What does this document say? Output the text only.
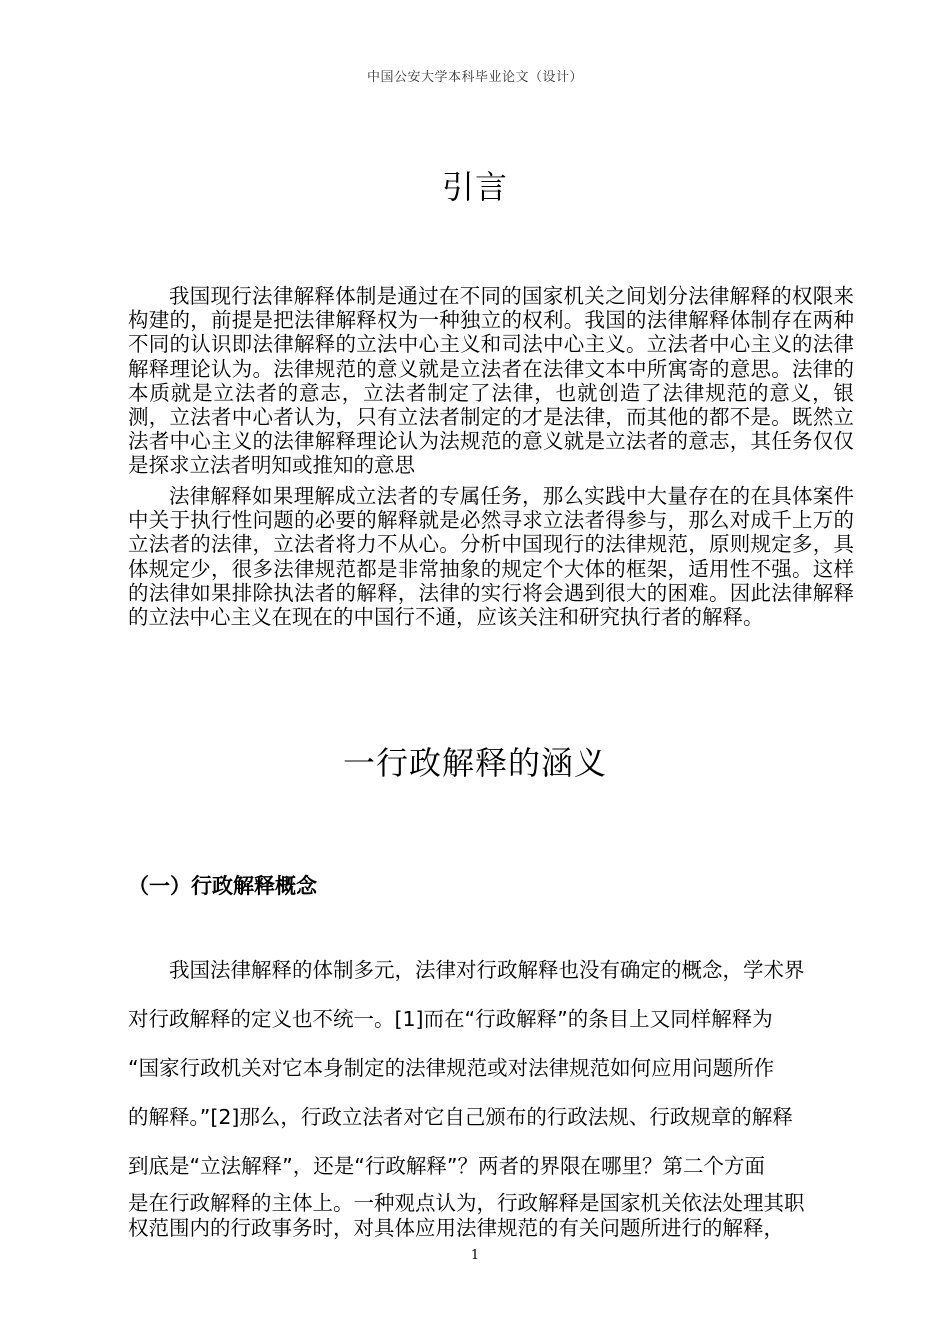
中国公安大学本科毕业论文（设计）
引言

我国现行法律解释体制是通过在不同的国家机关之间划分法律解释的权限来构建的，前提是把法律解释权为一种独立的权利。我国的法律解释体制存在两种不同的认识即法律解释的立法中心主义和司法中心主义。立法者中心主义的法律解释理论认为。法律规范的意义就是立法者在法律文本中所寓寄的意思。法律的本质就是立法者的意志，立法者制定了法律，也就创造了法律规范的意义，银测，立法者中心者认为，只有立法者制定的才是法律，而其他的都不是。既然立法者中心主义的法律解释理论认为法规范的意义就是立法者的意志，其任务仅仅是探求立法者明知或推知的意思

法律解释如果理解成立法者的专属任务，那么实践中大量存在的在具体案件中关于执行性问题的必要的解释就是必然寻求立法者得参与，那么对成千上万的立法者的法律，立法者将力不从心。分析中国现行的法律规范，原则规定多，具体规定少，很多法律规范都是非常抽象的规定个大体的框架，适用性不强。这样的法律如果排除执法者的解释，法律的实行将会遇到很大的困难。因此法律解释的立法中心主义在现在的中国行不通，应该关注和研究执行者的解释。

一行政解释的涵义
（一）行政解释概念
我国法律解释的体制多元，法律对行政解释也没有确定的概念，学术界
对行政解释的定义也不统一。[1]而在“行政解释”的条目上又同样解释为
“国家行政机关对它本身制定的法律规范或对法律规范如何应用问题所作
的解释。”[2]那么，行政立法者对它自己颁布的行政法规、行政规章的解释
到底是“立法解释”，还是“行政解释”？两者的界限在哪里？第二个方面
是在行政解释的主体上。一种观点认为，行政解释是国家机关依法处理其职
权范围内的行政事务时，对具体应用法律规范的有关问题所进行的解释，
1
